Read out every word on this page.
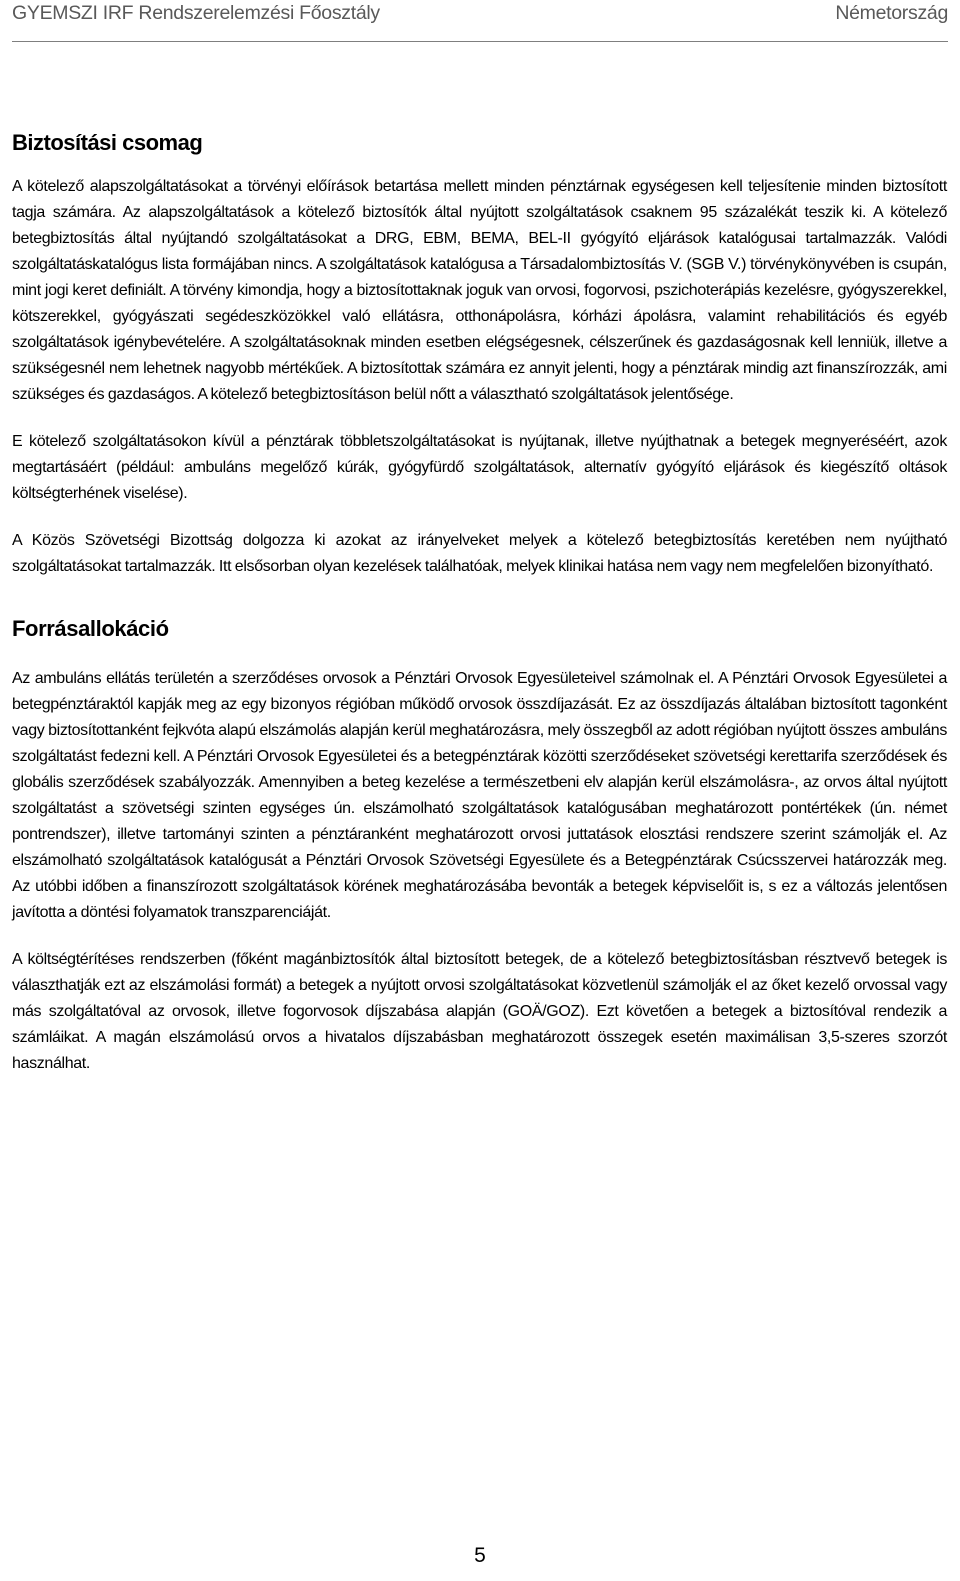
GYEMSZI IRF Rendszerelemzési Főosztály	Németország
Biztosítási csomag

A kötelező alapszolgáltatásokat a törvényi előírások betartása mellett minden pénztárnak egységesen kell teljesítenie minden biztosított tagja számára. Az alapszolgáltatások a kötelező biztosítók által nyújtott szolgáltatások csaknem 95 százalékát teszik ki. A kötelező betegbiztosítás által nyújtandó szolgáltatásokat a DRG, EBM, BEMA, BEL-II gyógyító eljárások katalógusai tartalmazzák. Valódi szolgáltatáskatalógus lista formájában nincs. A szolgáltatások katalógusa a Társadalombiztosítás V. (SGB V.) törvénykönyvében is csupán, mint jogi keret definiált. A törvény kimondja, hogy a biztosítottaknak joguk van orvosi, fogorvosi, pszichoterápiás kezelésre, gyógyszerekkel, kötszerekkel, gyógyászati segédeszközökkel való ellátásra, otthonápolásra, kórházi ápolásra, valamint rehabilitációs és egyéb szolgáltatások igénybevételére. A szolgáltatásoknak minden esetben elégségesnek, célszerűnek és gazdaságosnak kell lenniük, illetve a szükségesnél nem lehetnek nagyobb mértékűek. A biztosítottak számára ez annyit jelenti, hogy a pénztárak mindig azt finanszírozzák, ami szükséges és gazdaságos. A kötelező betegbiztosításon belül nőtt a választható szolgáltatások jelentősége.

E kötelező szolgáltatásokon kívül a pénztárak többletszolgáltatásokat is nyújtanak, illetve nyújthatnak a betegek megnyeréséért, azok megtartásáért (például: ambuláns megelőző kúrák, gyógyfürdő szolgáltatások, alternatív gyógyító eljárások és kiegészítő oltások költségterhének viselése).

A Közös Szövetségi Bizottság dolgozza ki azokat az irányelveket melyek a kötelező betegbiztosítás keretében nem nyújtható szolgáltatásokat tartalmazzák. Itt elsősorban olyan kezelések találhatóak, melyek klinikai hatása nem vagy nem megfelelően bizonyítható.

Forrásallokáció

Az ambuláns ellátás területén a szerződéses orvosok a Pénztári Orvosok Egyesületeivel számolnak el. A Pénztári Orvosok Egyesületei a betegpénztáraktól kapják meg az egy bizonyos régióban működő orvosok összdíjazását. Ez az összdíjazás általában biztosított tagonként vagy biztosítottanként fejkvóta alapú elszámolás alapján kerül meghatározásra, mely összegből az adott régióban nyújtott összes ambuláns szolgáltatást fedezni kell. A Pénztári Orvosok Egyesületei és a betegpénztárak közötti szerződéseket szövetségi kerettarifa szerződések és globális szerződések szabályozzák. Amennyiben a beteg kezelése a természetbeni elv alapján kerül elszámolásra-, az orvos által nyújtott szolgáltatást a szövetségi szinten egységes ún. elszámolható szolgáltatások katalógusában meghatározott pontértékek (ún. német pontrendszer), illetve tartományi szinten a pénztáranként meghatározott orvosi juttatások elosztási rendszere szerint számolják el. Az elszámolható szolgáltatások katalógusát a Pénztári Orvosok Szövetségi Egyesülete és a Betegpénztárak Csúcsszervei határozzák meg. Az utóbbi időben a finanszírozott szolgáltatások körének meghatározásába bevonták a betegek képviselőit is, s ez a változás jelentősen javította a döntési folyamatok transzparenciáját.

A költségtérítéses rendszerben (főként magánbiztosítók által biztosított betegek, de a kötelező betegbiztosításban résztvevő betegek is választhatják ezt az elszámolási formát) a betegek a nyújtott orvosi szolgáltatásokat közvetlenül számolják el az őket kezelő orvossal vagy más szolgáltatóval az orvosok, illetve fogorvosok díjszabása alapján (GOÄ/GOZ). Ezt követően a betegek a biztosítóval rendezik a számláikat. A magán elszámolású orvos a hivatalos díjszabásban meghatározott összegek esetén maximálisan 3,5-szeres szorzót használhat.

5
